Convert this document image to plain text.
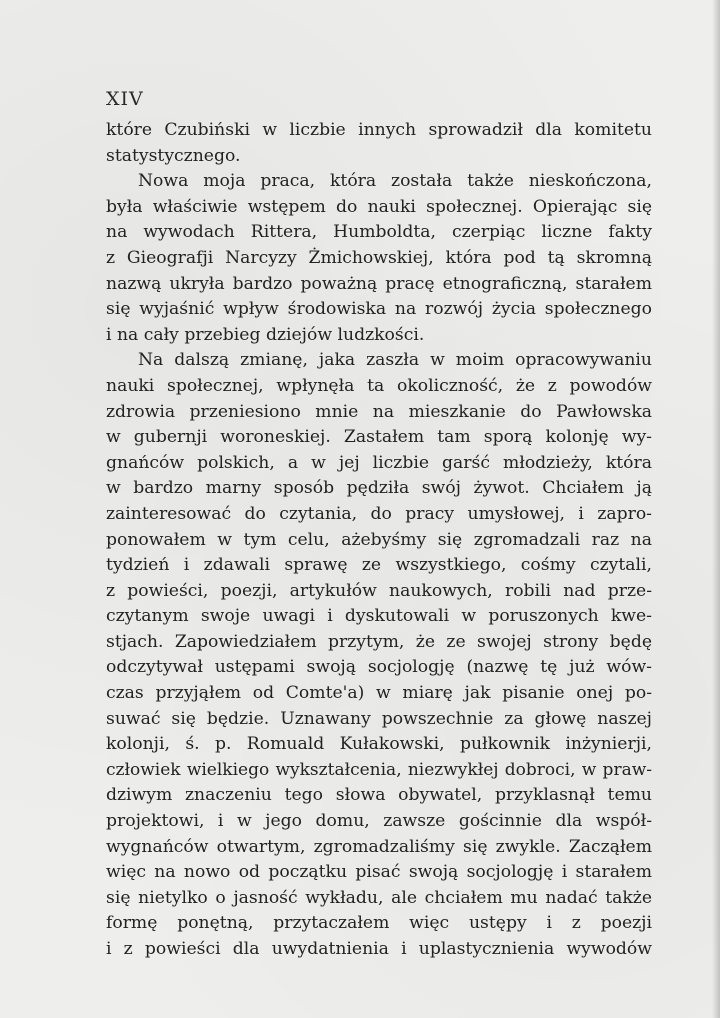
XIV
które Czubiński w liczbie innych sprowadził dla komitetu
statystycznego.
Nowa moja praca, która została także nieskończona,
była właściwie wstępem do nauki społecznej. Opierając się
na wywodach Rittera, Humboldta, czerpiąc liczne fakty
z Gieografji Narcyzy Żmichowskiej, która pod tą skromną
nazwą ukryła bardzo poważną pracę etnograficzną, starałem
się wyjaśnić wpływ środowiska na rozwój życia społecznego
i na cały przebieg dziejów ludzkości.
Na dalszą zmianę, jaka zaszła w moim opracowywaniu
nauki społecznej, wpłynęła ta okoliczność, że z powodów
zdrowia przeniesiono mnie na mieszkanie do Pawłowska
w gubernji woroneskiej. Zastałem tam sporą kolonję wy-
gnańców polskich, a w jej liczbie garść młodzieży, która
w bardzo marny sposób pędziła swój żywot. Chciałem ją
zainteresować do czytania, do pracy umysłowej, i zapro-
ponowałem w tym celu, ażebyśmy się zgromadzali raz na
tydzień i zdawali sprawę ze wszystkiego, cośmy czytali,
z powieści, poezji, artykułów naukowych, robili nad prze-
czytanym swoje uwagi i dyskutowali w poruszonych kwe-
stjach. Zapowiedziałem przytym, że ze swojej strony będę
odczytywał ustępami swoją socjologję (nazwę tę już wów-
czas przyjąłem od Comte'a) w miarę jak pisanie onej po-
suwać się będzie. Uznawany powszechnie za głowę naszej
kolonji, ś. p. Romuald Kułakowski, pułkownik inżynierji,
człowiek wielkiego wykształcenia, niezwykłej dobroci, w praw-
dziwym znaczeniu tego słowa obywatel, przyklasnął temu
projektowi, i w jego domu, zawsze gościnnie dla współ-
wygnańców otwartym, zgromadzaliśmy się zwykle. Zacząłem
więc na nowo od początku pisać swoją socjologję i starałem
się nietylko o jasność wykładu, ale chciałem mu nadać także
formę ponętną, przytaczałem więc ustępy i z poezji
i z powieści dla uwydatnienia i uplastycznienia wywodów
